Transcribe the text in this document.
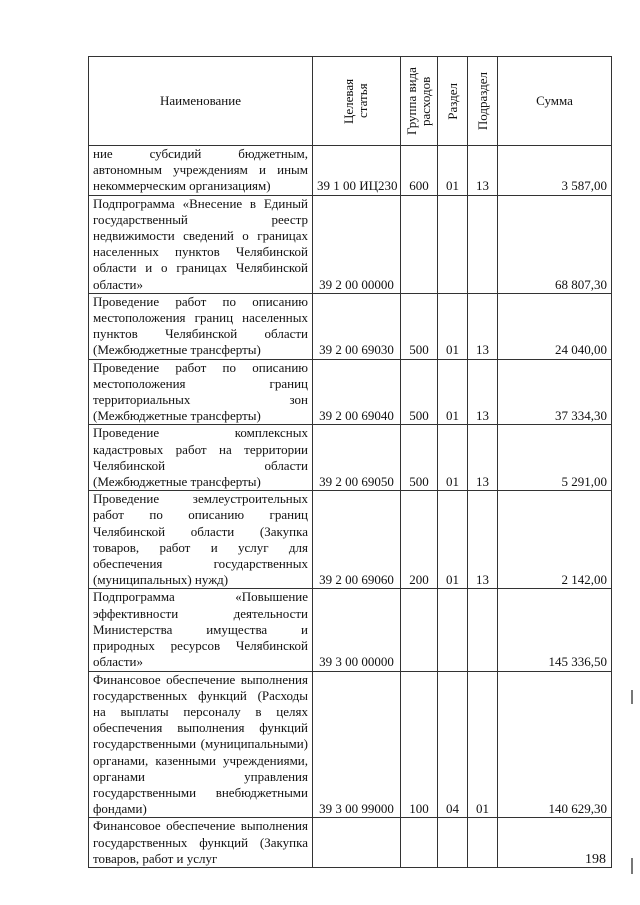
Наименование	Целевая статья	Группа вида расходов	Раздел	Подраздел	Сумма
ние субсидий бюджетным, автономным учреждениям и иным некоммерческим организациям)	39 1 00 ИЦ230	600	01	13	3 587,00
Подпрограмма «Внесение в Единый государственный реестр недвижимости сведений о границах населенных пунктов Челябинской области и о границах Челябинской области»	39 2 00 00000				68 807,30
Проведение работ по описанию местоположения границ населенных пунктов Челябинской области (Межбюджетные трансферты)	39 2 00 69030	500	01	13	24 040,00
Проведение работ по описанию местоположения границ территориальных зон (Межбюджетные трансферты)	39 2 00 69040	500	01	13	37 334,30
Проведение комплексных кадастровых работ на территории Челябинской области (Межбюджетные трансферты)	39 2 00 69050	500	01	13	5 291,00
Проведение землеустроительных работ по описанию границ Челябинской области (Закупка товаров, работ и услуг для обеспечения государственных (муниципальных) нужд)	39 2 00 69060	200	01	13	2 142,00
Подпрограмма «Повышение эффективности деятельности Министерства имущества и природных ресурсов Челябинской области»	39 3 00 00000				145 336,50
Финансовое обеспечение выполнения государственных функций (Расходы на выплаты персоналу в целях обеспечения выполнения функций государственными (муниципальными) органами, казенными учреждениями, органами управления государственными внебюджетными фондами)	39 3 00 99000	100	04	01	140 629,30
Финансовое обеспечение выполнения государственных функций (Закупка товаров, работ и услуг						198
